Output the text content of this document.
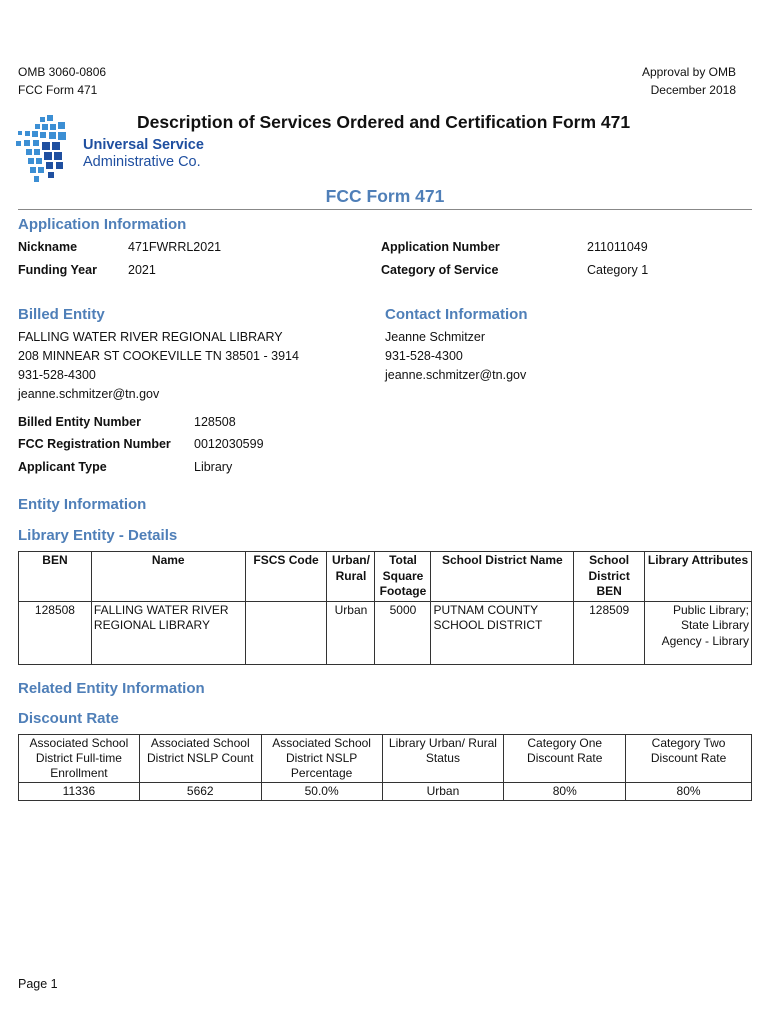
OMB 3060-0806
FCC Form 471
Approval by OMB
December 2018
Description of Services Ordered and Certification Form 471
Universal Service
Administrative Co.
FCC Form 471
Application Information
Nickname	471FWRRL2021
Funding Year 2021
Application Number	211011049
Category of Service	Category 1
Billed Entity
FALLING WATER RIVER REGIONAL LIBRARY
208 MINNEAR ST COOKEVILLE TN 38501 - 3914
931-528-4300
jeanne.schmitzer@tn.gov
Billed Entity Number	128508
FCC Registration Number 0012030599
Applicant Type	Library
Contact Information
Jeanne Schmitzer
931-528-4300
jeanne.schmitzer@tn.gov
Entity Information
Library Entity - Details
BEN	Name	FSCS Code	Urban/ Rural	Total Square Footage	School District Name	School District BEN	Library Attributes
128508	FALLING WATER RIVER REGIONAL LIBRARY		Urban	5000	PUTNAM COUNTY SCHOOL DISTRICT	128509	Public Library; State Library Agency - Library
Related Entity Information
Discount Rate
Associated School District Full-time Enrollment	Associated School District NSLP Count	Associated School District NSLP Percentage	Library Urban/ Rural Status	Category One Discount Rate	Category Two Discount Rate
11336	5662	50.0%	Urban	80%	80%
Page 1
